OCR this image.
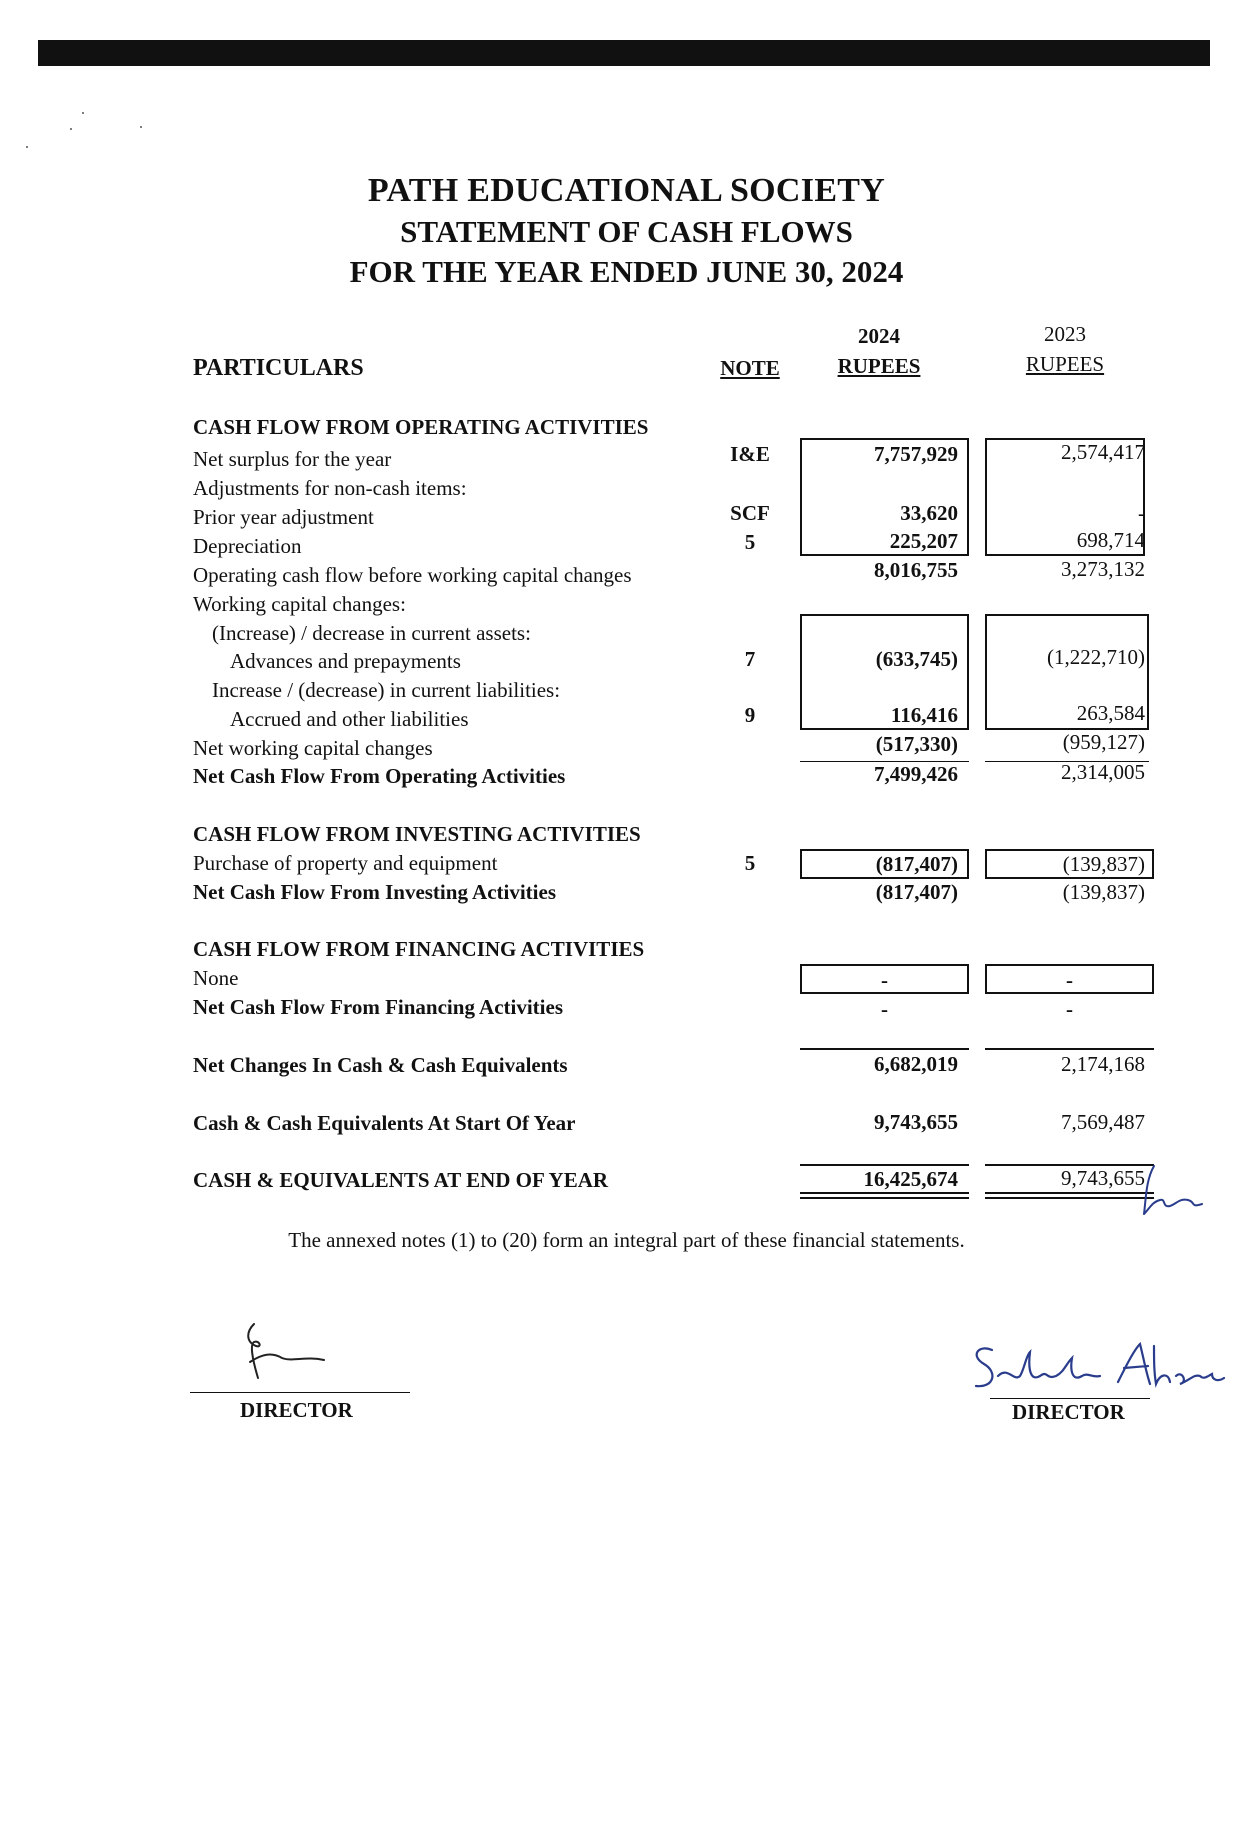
PATH EDUCATIONAL SOCIETY
STATEMENT OF CASH FLOWS
FOR THE YEAR ENDED JUNE 30, 2024
PARTICULARS	NOTE
2024
RUPEES
2023
RUPEES
CASH FLOW FROM OPERATING ACTIVITIES
Net surplus for the year	I&E	7,757,929	2,574,417
Adjustments for non-cash items:
Prior year adjustment	SCF	33,620	-
Depreciation	5	225,207	698,714
Operating cash flow before working capital changes	8,016,755	3,273,132
Working capital changes:
(Increase) / decrease in current assets:
Advances and prepayments	7	(633,745)	(1,222,710)
Increase / (decrease) in current liabilities:
Accrued and other liabilities	9	116,416	263,584
Net working capital changes	(517,330)	(959,127)
Net Cash Flow From Operating Activities	7,499,426	2,314,005
CASH FLOW FROM INVESTING ACTIVITIES
Purchase of property and equipment	5	(817,407)	(139,837)
Net Cash Flow From Investing Activities	(817,407)	(139,837)
CASH FLOW FROM FINANCING ACTIVITIES
None	-	-
Net Cash Flow From Financing Activities	-	-
Net Changes In Cash & Cash Equivalents	6,682,019	2,174,168
Cash & Cash Equivalents At Start Of Year	9,743,655	7,569,487
CASH & EQUIVALENTS AT END OF YEAR	16,425,674	9,743,655
The annexed notes (1) to (20) form an integral part of these financial statements.
DIRECTOR	DIRECTOR
